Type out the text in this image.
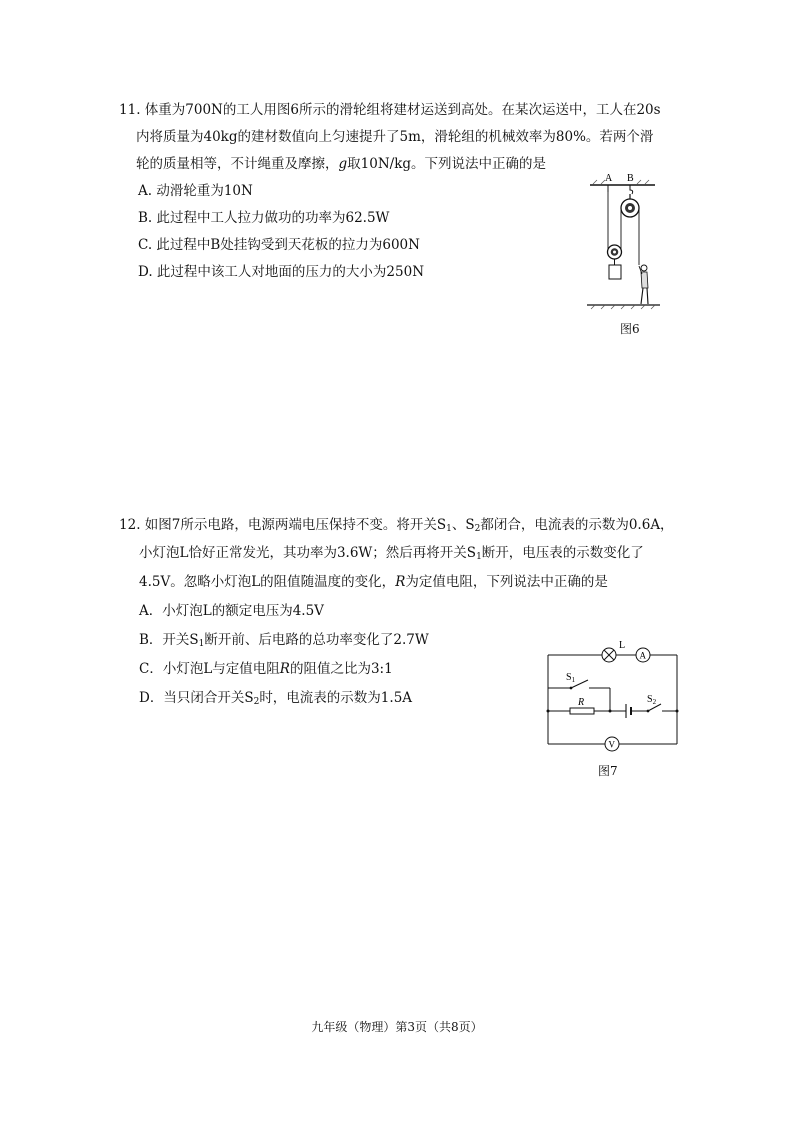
11. 体重为700N的工人用图6所示的滑轮组将建材运送到高处。在某次运送中，工人在20s
内将质量为40kg的建材数值向上匀速提升了5m，滑轮组的机械效率为80%。若两个滑
轮的质量相等，不计绳重及摩擦，g取10N/kg。下列说法中正确的是
A. 动滑轮重为10N
B. 此过程中工人拉力做功的功率为62.5W
C. 此过程中B处挂钩受到天花板的拉力为600N
D. 此过程中该工人对地面的压力的大小为250N
A B
图6
12. 如图7所示电路，电源两端电压保持不变。将开关$S_1$、$S_2$都闭合，电流表的示数为0.6A，
小灯泡L恰好正常发光，其功率为3.6W；然后再将开关$S_1$断开，电压表的示数变化了
4.5V。忽略小灯泡L的阻值随温度的变化，R为定值电阻，下列说法中正确的是
A．小灯泡L的额定电压为4.5V
B．开关$S_1$断开前、后电路的总功率变化了2.7W
C．小灯泡L与定值电阻R的阻值之比为3:1
D．当只闭合开关$S_2$时，电流表的示数为1.5A
L
A
$S_1$
R	$S_2$
V
图7
九年级（物理）第3页（共8页）
